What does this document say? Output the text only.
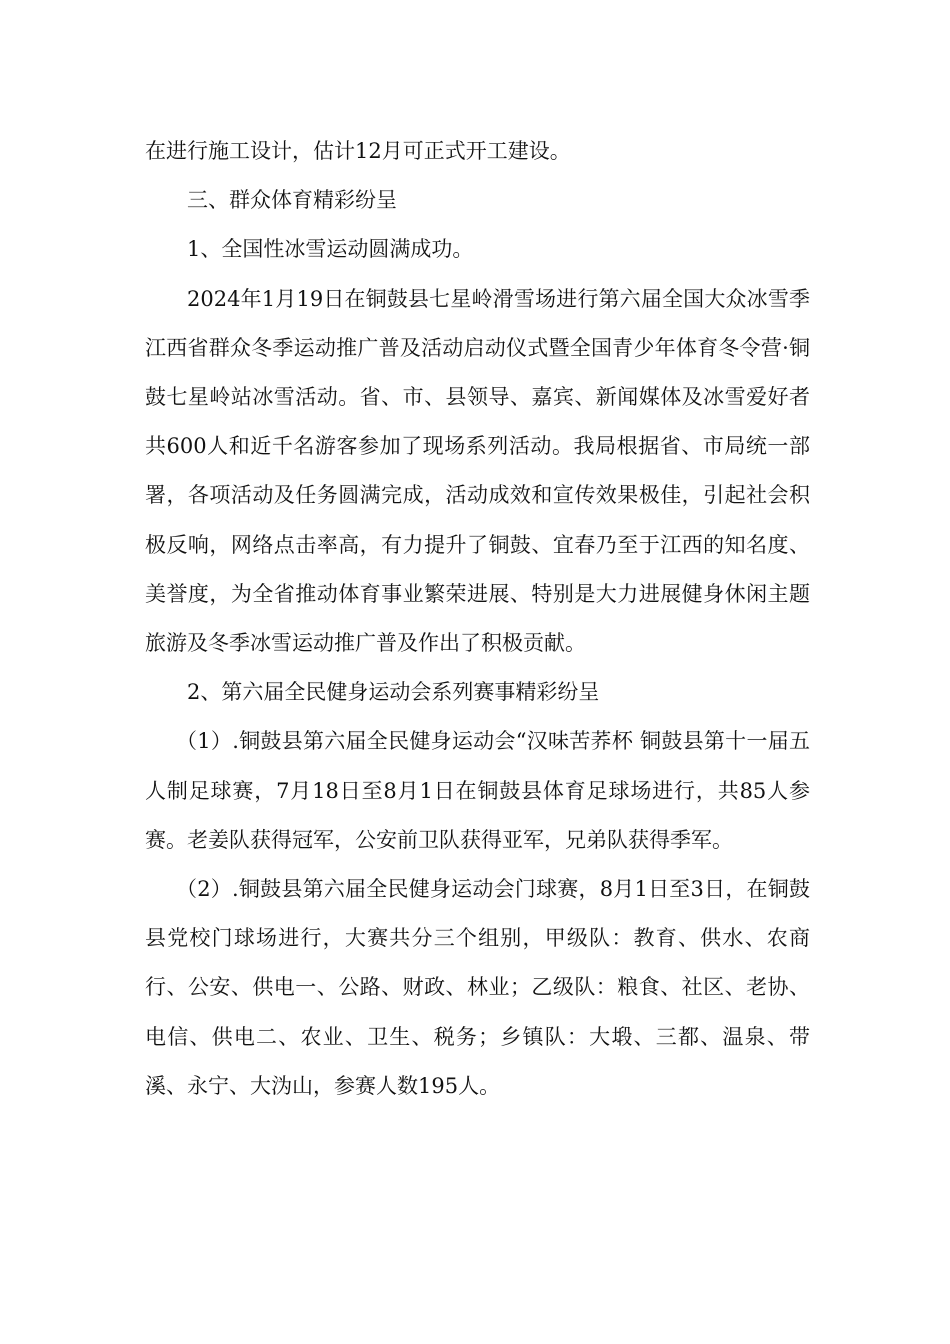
在进行施工设计，估计12月可正式开工建设。

三、群众体育精彩纷呈

1、全国性冰雪运动圆满成功。

2024年1月19日在铜鼓县七星岭滑雪场进行第六届全国大众冰雪季江西省群众冬季运动推广普及活动启动仪式暨全国青少年体育冬令营·铜鼓七星岭站冰雪活动。省、市、县领导、嘉宾、新闻媒体及冰雪爱好者共600人和近千名游客参加了现场系列活动。我局根据省、市局统一部署，各项活动及任务圆满完成，活动成效和宣传效果极佳，引起社会积极反响，网络点击率高，有力提升了铜鼓、宜春乃至于江西的知名度、美誉度，为全省推动体育事业繁荣进展、特别是大力进展健身休闲主题旅游及冬季冰雪运动推广普及作出了积极贡献。

2、第六届全民健身运动会系列赛事精彩纷呈

（1）.铜鼓县第六届全民健身运动会“汉味苦荞杯 铜鼓县第十一届五人制足球赛，7月18日至8月1日在铜鼓县体育足球场进行，共85人参赛。老姜队获得冠军，公安前卫队获得亚军，兄弟队获得季军。

（2）.铜鼓县第六届全民健身运动会门球赛，8月1日至3日，在铜鼓县党校门球场进行，大赛共分三个组别，甲级队：教育、供水、农商行、公安、供电一、公路、财政、林业；乙级队：粮食、社区、老协、电信、供电二、农业、卫生、税务；乡镇队：大塅、三都、温泉、带溪、永宁、大沩山，参赛人数195人。
